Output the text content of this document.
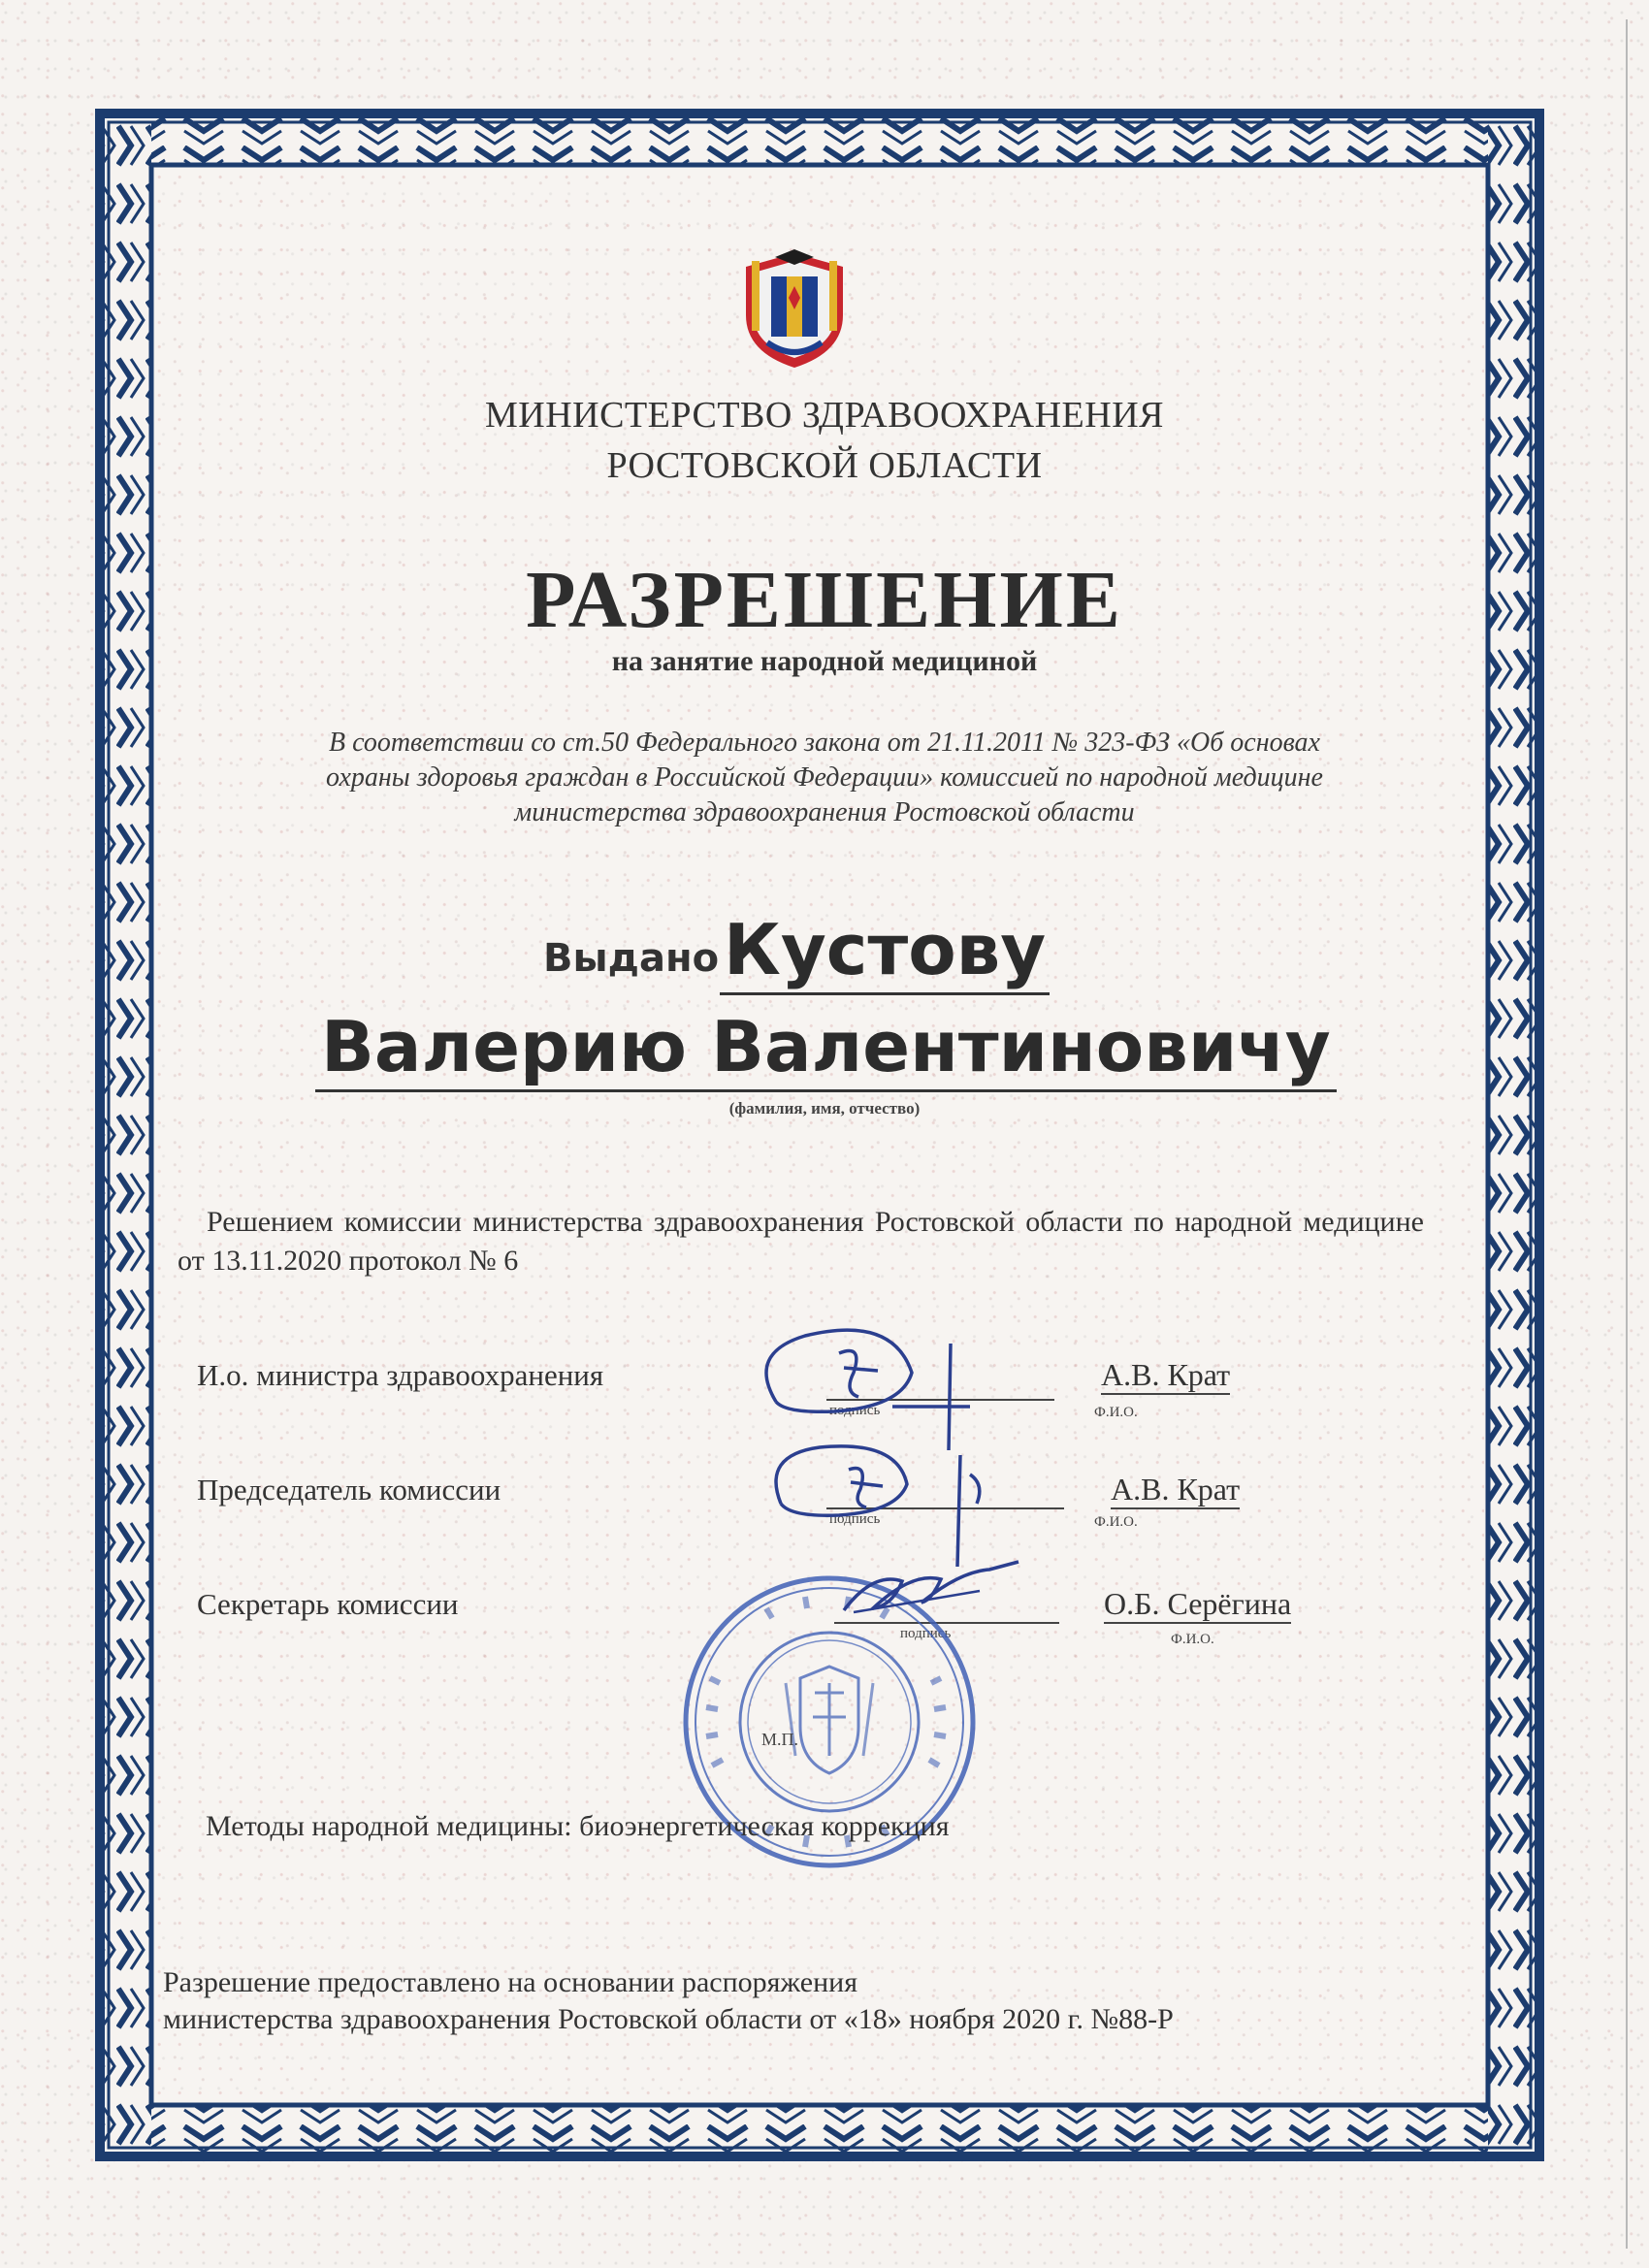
МИНИСТЕРСТВО ЗДРАВООХРАНЕНИЯ
РОСТОВСКОЙ ОБЛАСТИ
РАЗРЕШЕНИЕ
на занятие народной медициной
В соответствии со ст.50 Федерального закона от 21.11.2011 № 323-ФЗ «Об основах
охраны здоровья граждан в Российской Федерации» комиссией по народной медицине
министерства здравоохранения Ростовской области
Выдано Кустову
Валерию Валентиновичу
(фамилия, имя, отчество)
Решением комиссии министерства здравоохранения Ростовской области по народной медицине от 13.11.2020 протокол № 6
И.о. министра здравоохранения
подпись
А.В. Крат
Ф.И.О.
Председатель комиссии
подпись
А.В. Крат
Ф.И.О.
Секретарь комиссии
подпись
О.Б. Серёгина
Ф.И.О.
М.П.
Методы народной медицины: биоэнергетическая коррекция
Разрешение предоставлено на основании распоряжения
министерства здравоохранения Ростовской области от «18» ноября 2020 г. №88-Р
